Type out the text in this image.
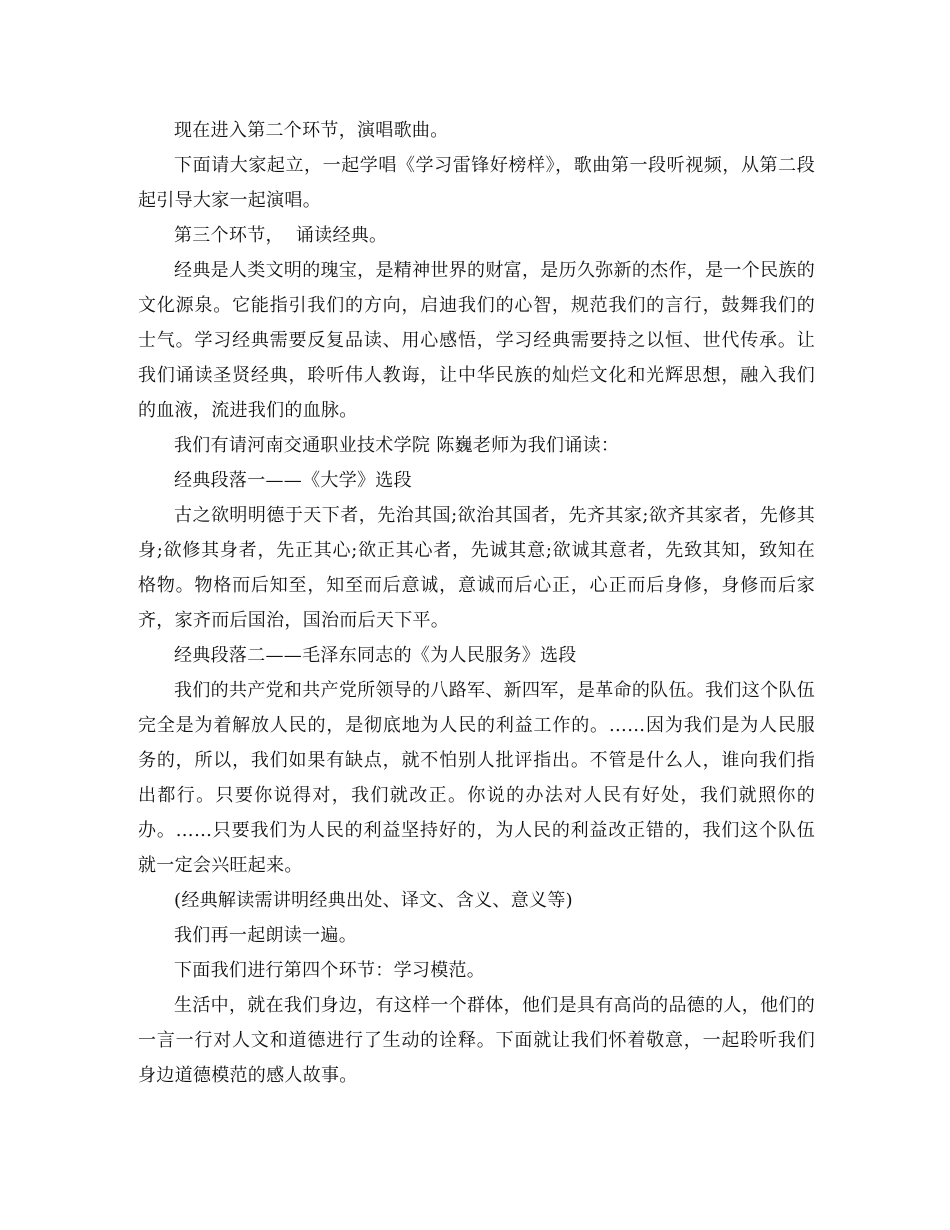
现在进入第二个环节，演唱歌曲。

下面请大家起立，一起学唱《学习雷锋好榜样》，歌曲第一段听视频，从第二段起引导大家一起演唱。

第三个环节，  诵读经典。

经典是人类文明的瑰宝，是精神世界的财富，是历久弥新的杰作，是一个民族的文化源泉。它能指引我们的方向，启迪我们的心智，规范我们的言行，鼓舞我们的士气。学习经典需要反复品读、用心感悟，学习经典需要持之以恒、世代传承。让我们诵读圣贤经典，聆听伟人教诲，让中华民族的灿烂文化和光辉思想，融入我们的血液，流进我们的血脉。

我们有请河南交通职业技术学院 陈巍老师为我们诵读：

经典段落一——《大学》选段

古之欲明明德于天下者，先治其国;欲治其国者，先齐其家;欲齐其家者，先修其身;欲修其身者，先正其心;欲正其心者，先诚其意;欲诚其意者，先致其知，致知在格物。物格而后知至，知至而后意诚，意诚而后心正，心正而后身修，身修而后家齐，家齐而后国治，国治而后天下平。

经典段落二——毛泽东同志的《为人民服务》选段

我们的共产党和共产党所领导的八路军、新四军，是革命的队伍。我们这个队伍完全是为着解放人民的，是彻底地为人民的利益工作的。……因为我们是为人民服务的，所以，我们如果有缺点，就不怕别人批评指出。不管是什么人，谁向我们指出都行。只要你说得对，我们就改正。你说的办法对人民有好处，我们就照你的办。……只要我们为人民的利益坚持好的，为人民的利益改正错的，我们这个队伍就一定会兴旺起来。

(经典解读需讲明经典出处、译文、含义、意义等)

我们再一起朗读一遍。

下面我们进行第四个环节：学习模范。

生活中，就在我们身边，有这样一个群体，他们是具有高尚的品德的人，他们的一言一行对人文和道德进行了生动的诠释。下面就让我们怀着敬意，一起聆听我们身边道德模范的感人故事。
